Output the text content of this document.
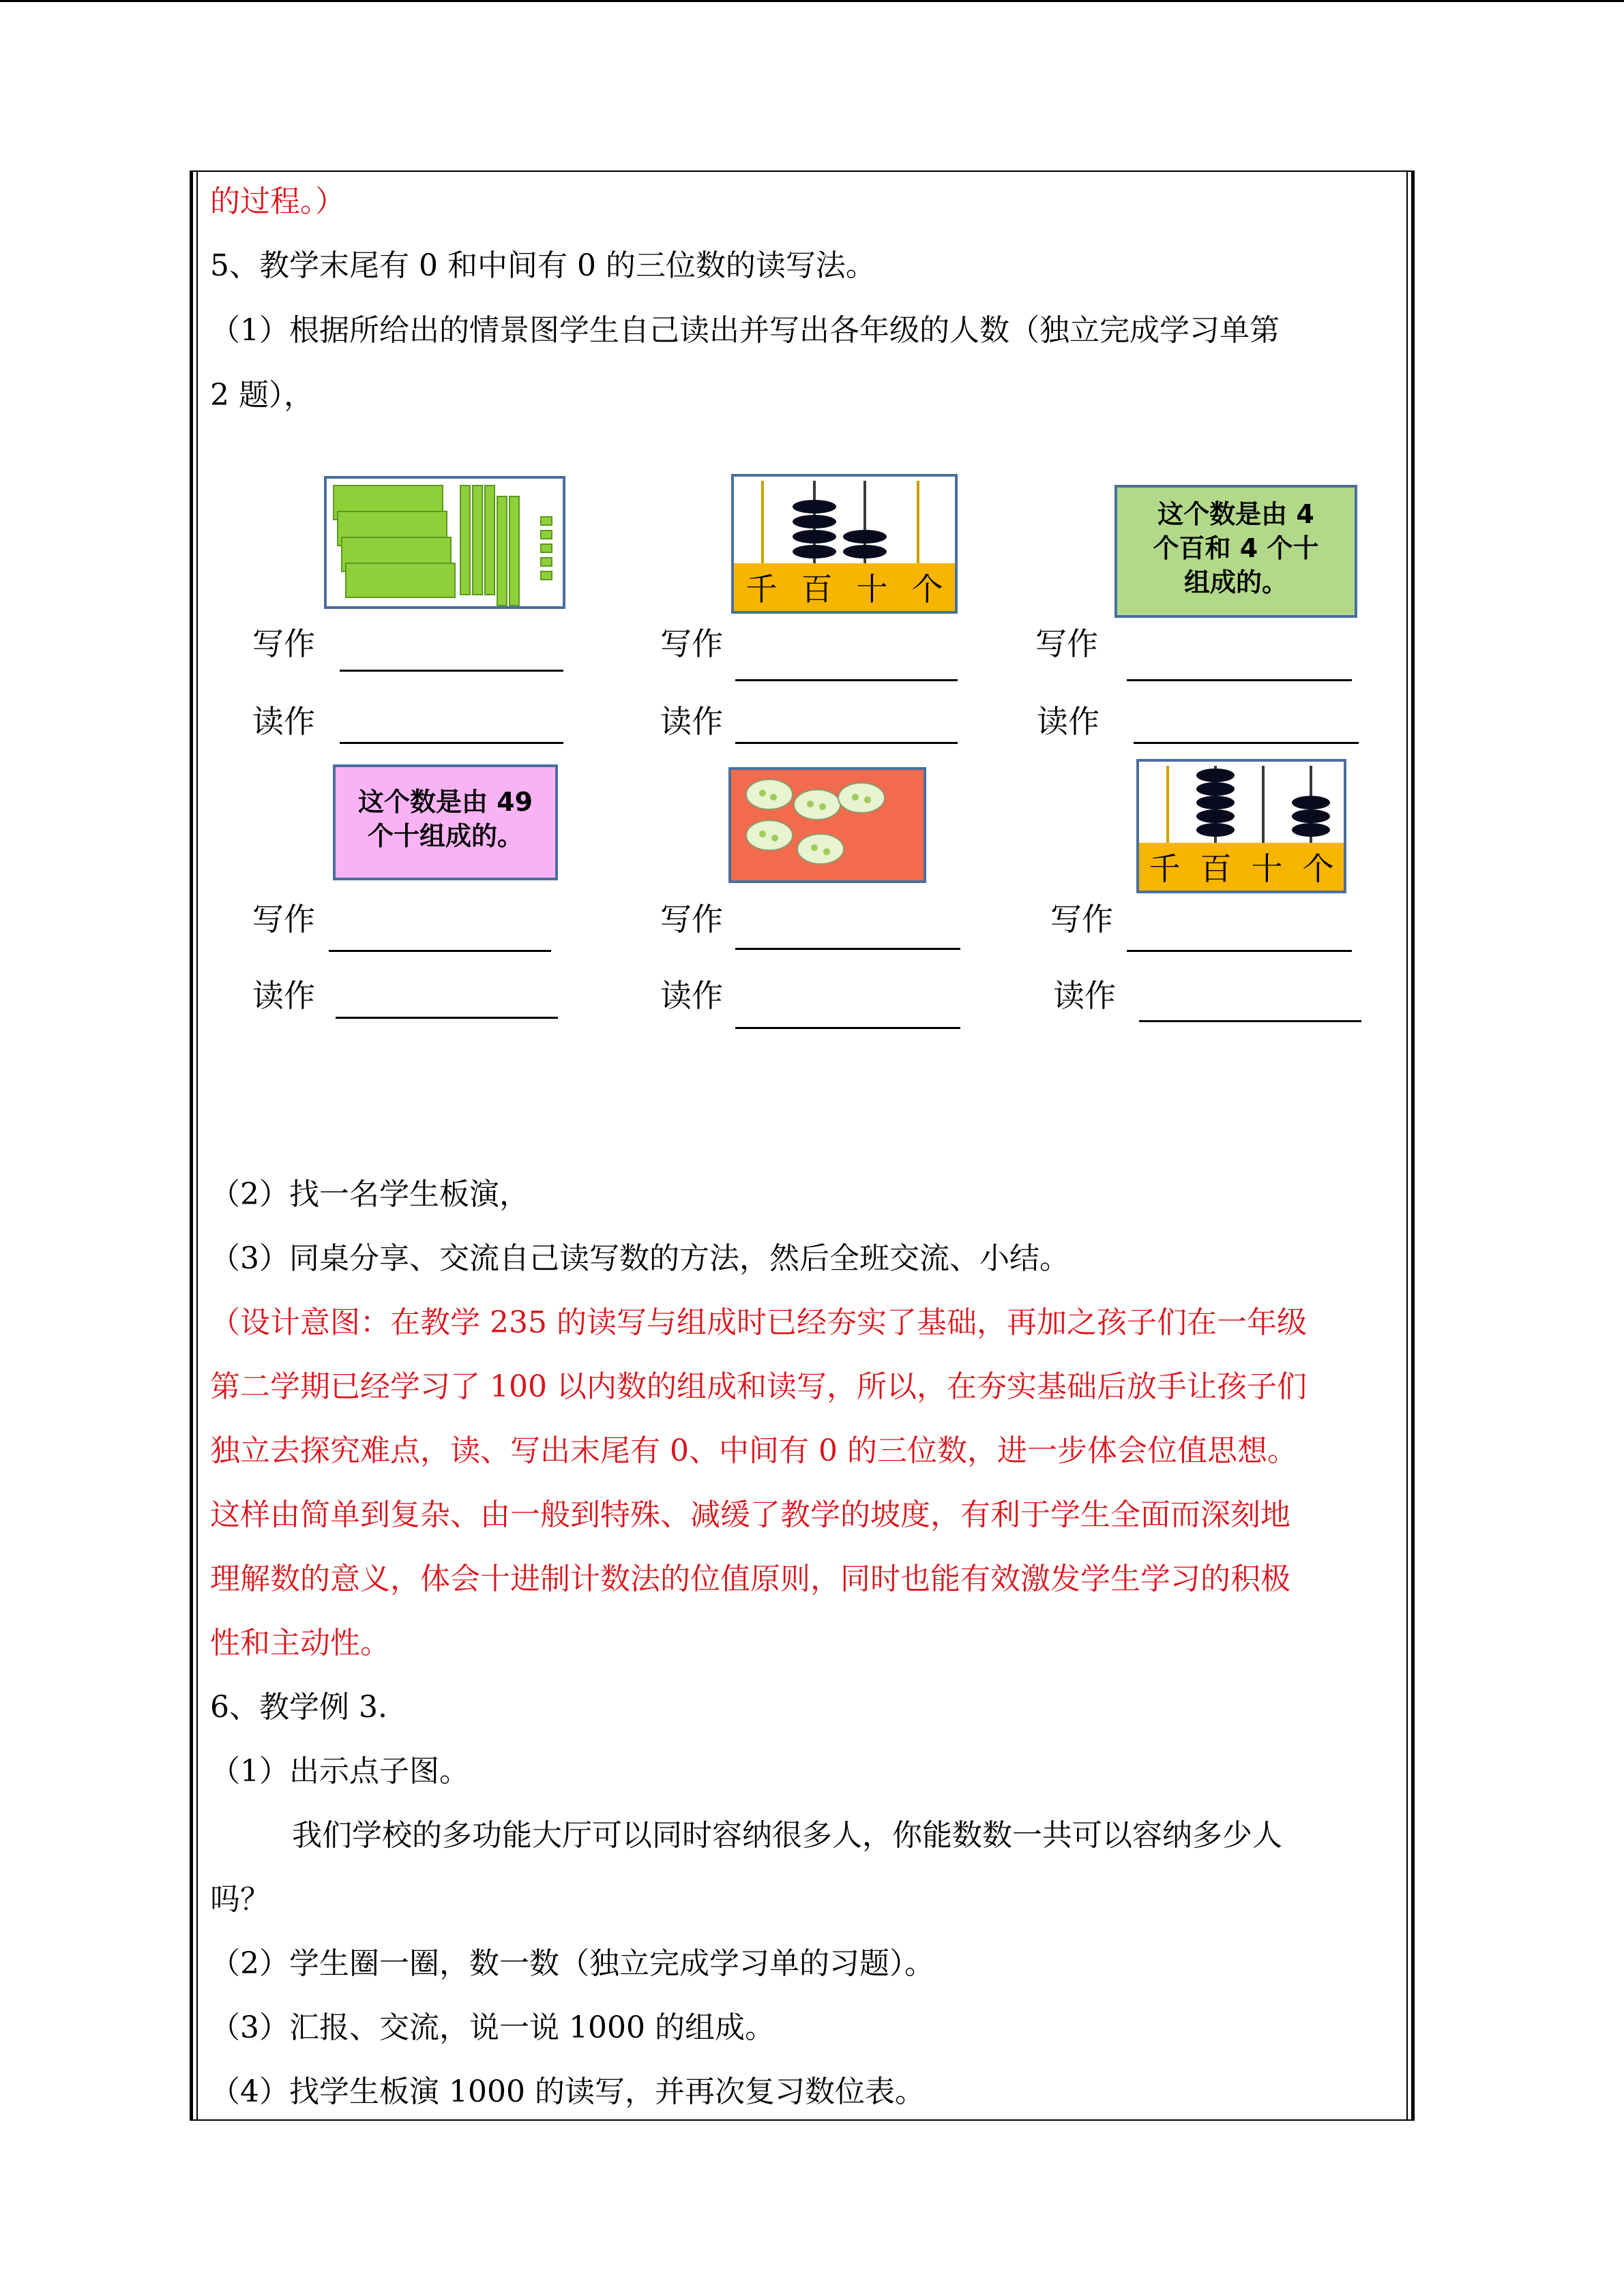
的过程。）
5、教学末尾有 0 和中间有 0 的三位数的读写法。
（1）根据所给出的情景图学生自己读出并写出各年级的人数（独立完成学习单第
2 题），
千 百 十 个
这个数是由 4
个百和 4 个十
组成的。
写作	写作	写作
读作	读作	读作
这个数是由 49
个十组成的。
千 百 十 个
写作	写作	写作
读作	读作	读作
（2）找一名学生板演，
（3）同桌分享、交流自己读写数的方法，然后全班交流、小结。
（设计意图：在教学 235 的读写与组成时已经夯实了基础，再加之孩子们在一年级
第二学期已经学习了 100 以内数的组成和读写，所以，在夯实基础后放手让孩子们
独立去探究难点，读、写出末尾有 0、中间有 0 的三位数，进一步体会位值思想。
这样由简单到复杂、由一般到特殊、减缓了教学的坡度，有利于学生全面而深刻地
理解数的意义，体会十进制计数法的位值原则，同时也能有效激发学生学习的积极
性和主动性。
6、教学例 3.
（1）出示点子图。
我们学校的多功能大厅可以同时容纳很多人，你能数数一共可以容纳多少人
吗？
（2）学生圈一圈，数一数（独立完成学习单的习题）。
（3）汇报、交流，说一说 1000 的组成。
（4）找学生板演 1000 的读写，并再次复习数位表。
